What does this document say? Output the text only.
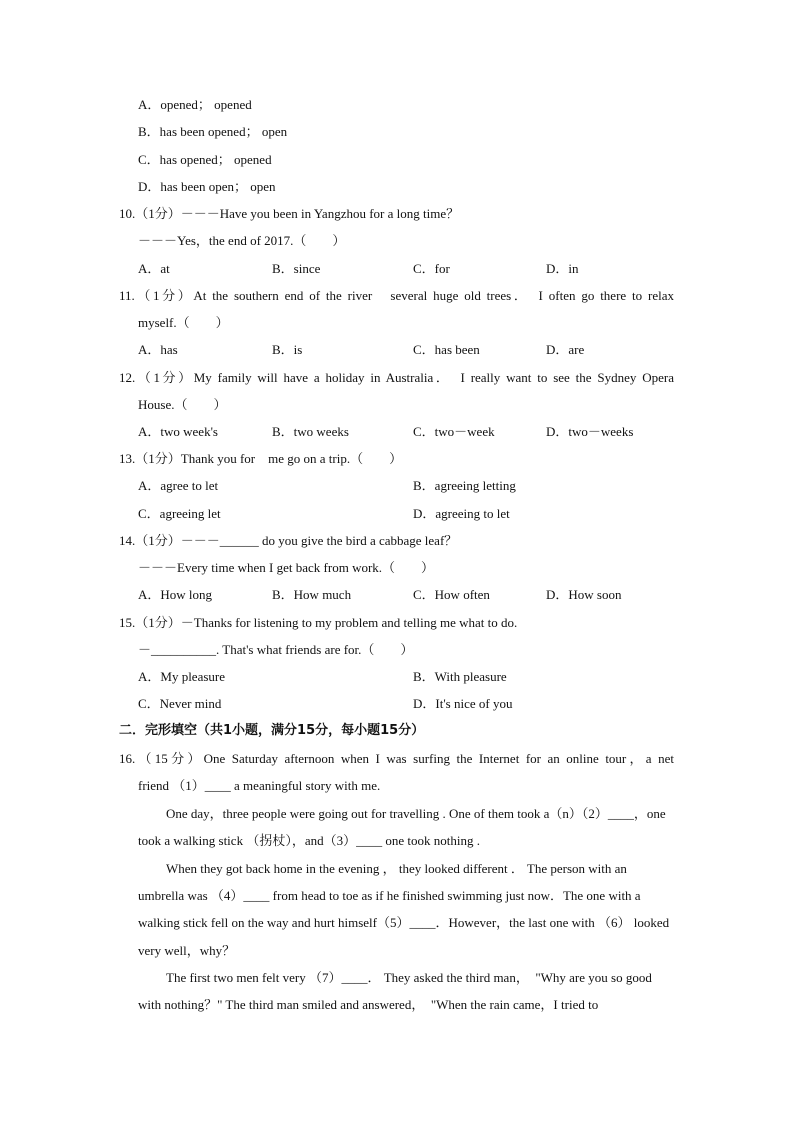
A．opened； opened
B．has been opened； open
C．has opened； opened
D．has been open； open
10.（1分）－－－Have you been in Yangzhou for a long time？
－－－Yes，the end of 2017.（　　）
A．at	B．since	C．for	D．in
11.（1分）At the southern end of the river　several huge old trees．　I often go there to relax
myself.（　　）
A．has	B．is	C．has been	D．are
12.（1分）My family will have a holiday in Australia．　I really want to see the Sydney Opera
House.（　　）
A．two week's	B．two weeks	C．two－week	D．two－weeks
13.（1分）Thank you for　me go on a trip.（　　）
A．agree to let	B．agreeing letting
C．agreeing let	D．agreeing to let
14.（1分）－－－______ do you give the bird a cabbage leaf？
－－－Every time when I get back from work.（　　）
A．How long	B．How much	C．How often	D．How soon
15.（1分）－Thanks for listening to my problem and telling me what to do.
－__________. That's what friends are for.（　　）
A．My pleasure	B．With pleasure
C．Never mind	D．It's nice of you
二．完形填空（共1小题，满分15分，每小题15分）
16.（15分）One Saturday afternoon when I was surfing the Internet for an online tour，a net
friend （1）____ a meaningful story with me.
One day，three people were going out for travelling . One of them took a（n）（2）____，one took a walking stick （拐杖），and（3）____ one took nothing .
When they got back home in the evening ， they looked different ． The person with an umbrella was （4）____ from head to toe as if he finished swimming just now．The one with a walking stick fell on the way and hurt himself（5）____．However，the last one with （6） looked very well，why？
The first two men felt very （7）____． They asked the third man，　"Why are you so good with nothing？" The third man smiled and answered，　"When the rain came，I tried to
